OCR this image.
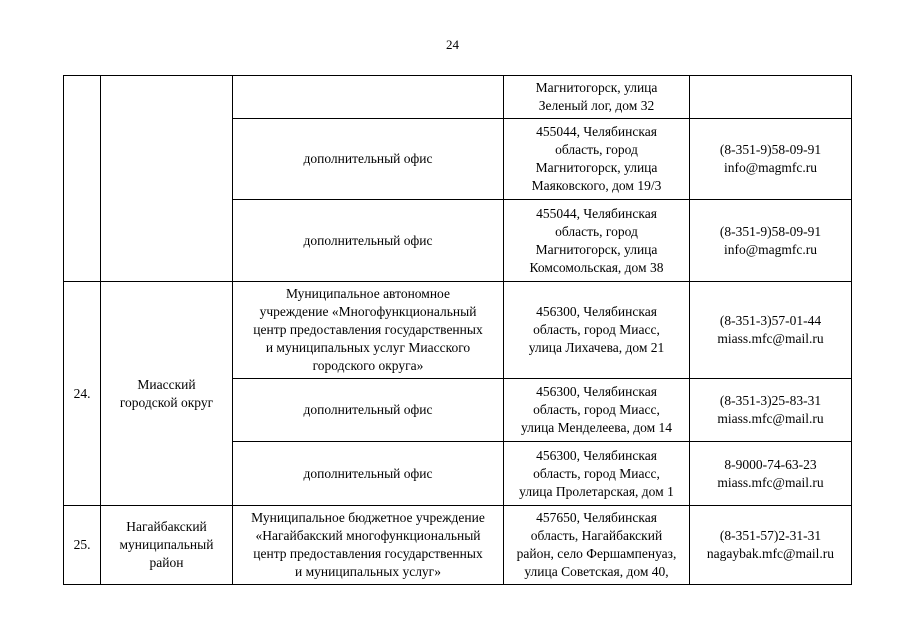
24
			Магнитогорск, улица
Зеленый лог, дом 32	
		дополнительный офис	455044, Челябинская
область, город
Магнитогорск, улица
Маяковского, дом 19/3	(8-351-9)58-09-91
info@magmfc.ru
		дополнительный офис	455044, Челябинская
область, город
Магнитогорск, улица
Комсомольская, дом 38	(8-351-9)58-09-91
info@magmfc.ru
24.	Миасский
городской округ	Муниципальное автономное
учреждение «Многофункциональный
центр предоставления государственных
и муниципальных услуг Миасского
городского округа»	456300, Челябинская
область, город Миасс,
улица Лихачева, дом 21	(8-351-3)57-01-44
miass.mfc@mail.ru
		дополнительный офис	456300, Челябинская
область, город Миасс,
улица Менделеева, дом 14	(8-351-3)25-83-31
miass.mfc@mail.ru
		дополнительный офис	456300, Челябинская
область, город Миасс,
улица Пролетарская, дом 1	8-9000-74-63-23
miass.mfc@mail.ru
25.	Нагайбакский
муниципальный
район	Муниципальное бюджетное учреждение
«Нагайбакский многофункциональный
центр предоставления государственных
и муниципальных услуг»	457650, Челябинская
область, Нагайбакский
район, село Фершампенуаз,
улица Советская, дом 40,	(8-351-57)2-31-31
nagaybak.mfc@mail.ru
